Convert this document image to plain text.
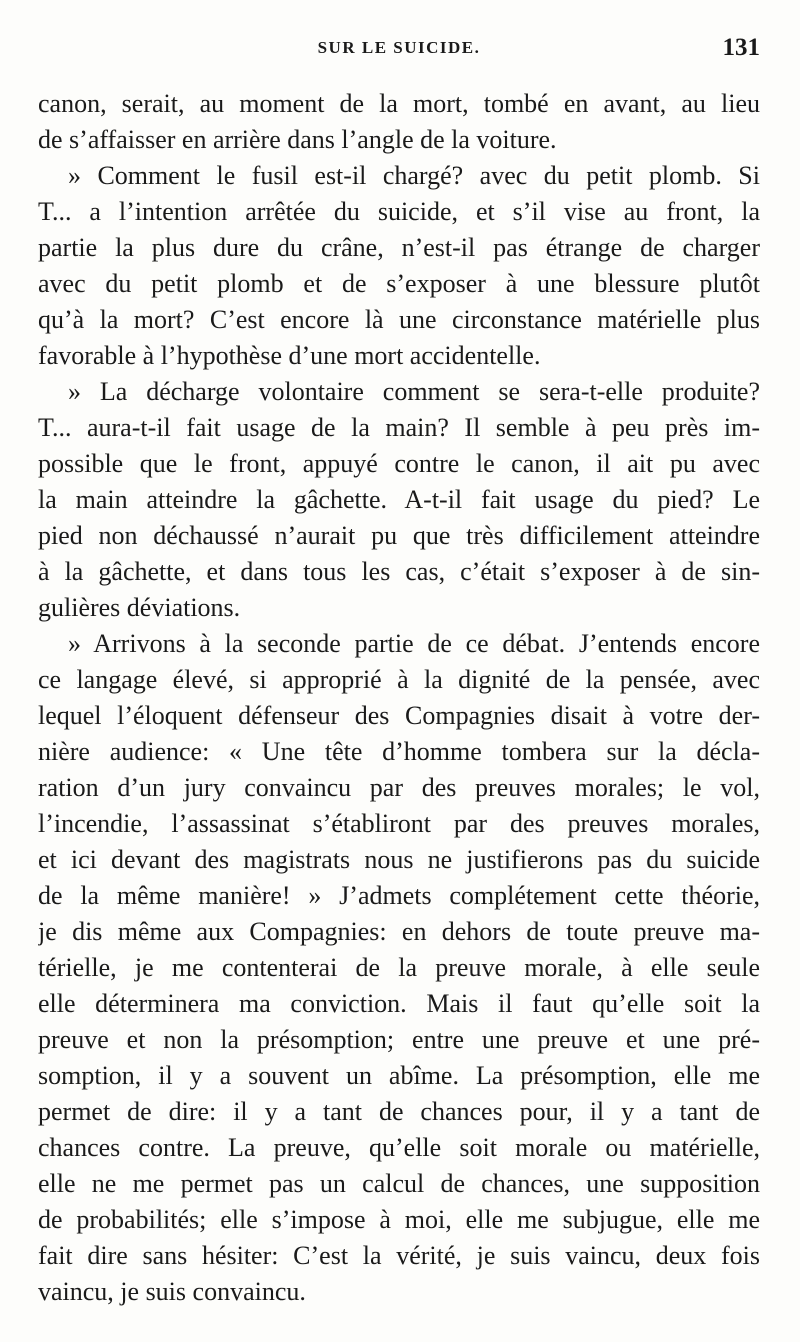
SUR LE SUICIDE.	131
canon, serait, au moment de la mort, tombé en avant, au lieu
de s’affaisser en arrière dans l’angle de la voiture.
» Comment le fusil est-il chargé? avec du petit plomb. Si
T... a l’intention arrêtée du suicide, et s’il vise au front, la
partie la plus dure du crâne, n’est-il pas étrange de charger
avec du petit plomb et de s’exposer à une blessure plutôt
qu’à la mort? C’est encore là une circonstance matérielle plus
favorable à l’hypothèse d’une mort accidentelle.
» La décharge volontaire comment se sera-t-elle produite?
T... aura-t-il fait usage de la main? Il semble à peu près im-
possible que le front, appuyé contre le canon, il ait pu avec
la main atteindre la gâchette. A-t-il fait usage du pied? Le
pied non déchaussé n’aurait pu que très difficilement atteindre
à la gâchette, et dans tous les cas, c’était s’exposer à de sin-
gulières déviations.
» Arrivons à la seconde partie de ce débat. J’entends encore
ce langage élevé, si approprié à la dignité de la pensée, avec
lequel l’éloquent défenseur des Compagnies disait à votre der-
nière audience: « Une tête d’homme tombera sur la décla-
ration d’un jury convaincu par des preuves morales; le vol,
l’incendie, l’assassinat s’établiront par des preuves morales,
et ici devant des magistrats nous ne justifierons pas du suicide
de la même manière! » J’admets complétement cette théorie,
je dis même aux Compagnies: en dehors de toute preuve ma-
térielle, je me contenterai de la preuve morale, à elle seule
elle déterminera ma conviction. Mais il faut qu’elle soit la
preuve et non la présomption; entre une preuve et une pré-
somption, il y a souvent un abîme. La présomption, elle me
permet de dire: il y a tant de chances pour, il y a tant de
chances contre. La preuve, qu’elle soit morale ou matérielle,
elle ne me permet pas un calcul de chances, une supposition
de probabilités; elle s’impose à moi, elle me subjugue, elle me
fait dire sans hésiter: C’est la vérité, je suis vaincu, deux fois
vaincu, je suis convaincu.
